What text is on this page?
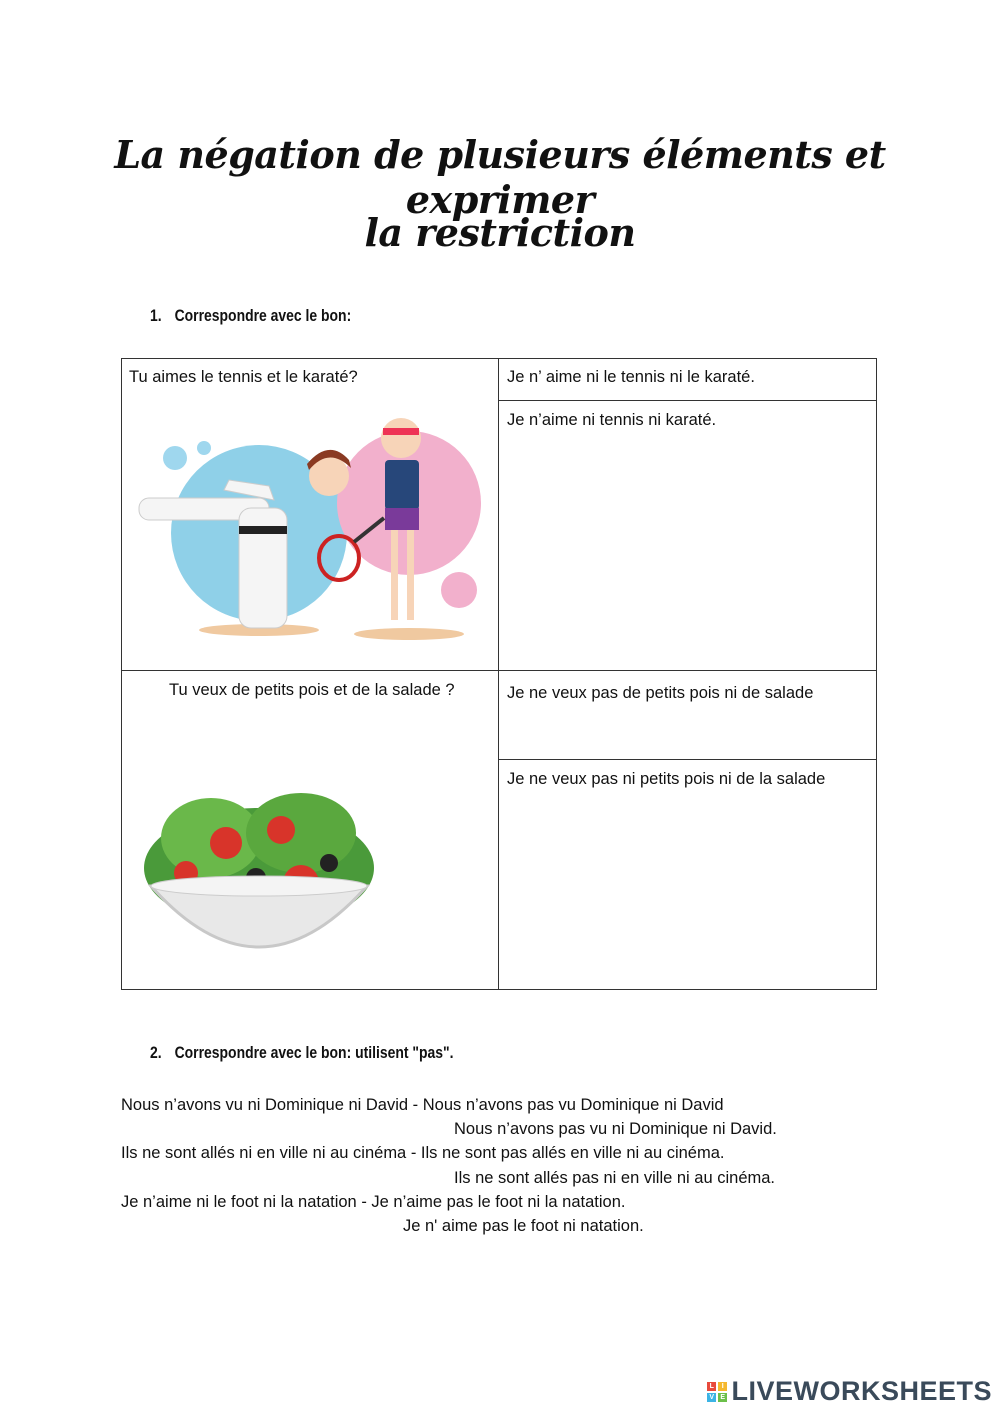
La négation de plusieurs éléments et exprimer
la restriction
1. Correspondre avec le bon:
Tu aimes le tennis et le karaté?	Je n’ aime ni le tennis ni le karaté.
Je n’aime ni tennis ni karaté.
Tu veux de petits pois et de la salade ?	Je ne veux pas de petits pois ni de salade
Je ne veux pas ni petits pois ni de la salade
2. Correspondre avec le bon: utilisent "pas".
Nous n’avons vu ni Dominique ni David - Nous n’avons pas vu Dominique ni David
Nous n’avons pas vu ni Dominique ni David.
Ils ne sont allés ni en ville ni au cinéma - Ils ne sont pas allés en ville ni au cinéma.
Ils ne sont allés pas ni en ville ni au cinéma.
Je n’aime ni le foot ni la natation - Je n’aime pas le foot ni la natation.
Je n' aime pas le foot ni natation.
L	I
V E LIVEWORKSHEETS
